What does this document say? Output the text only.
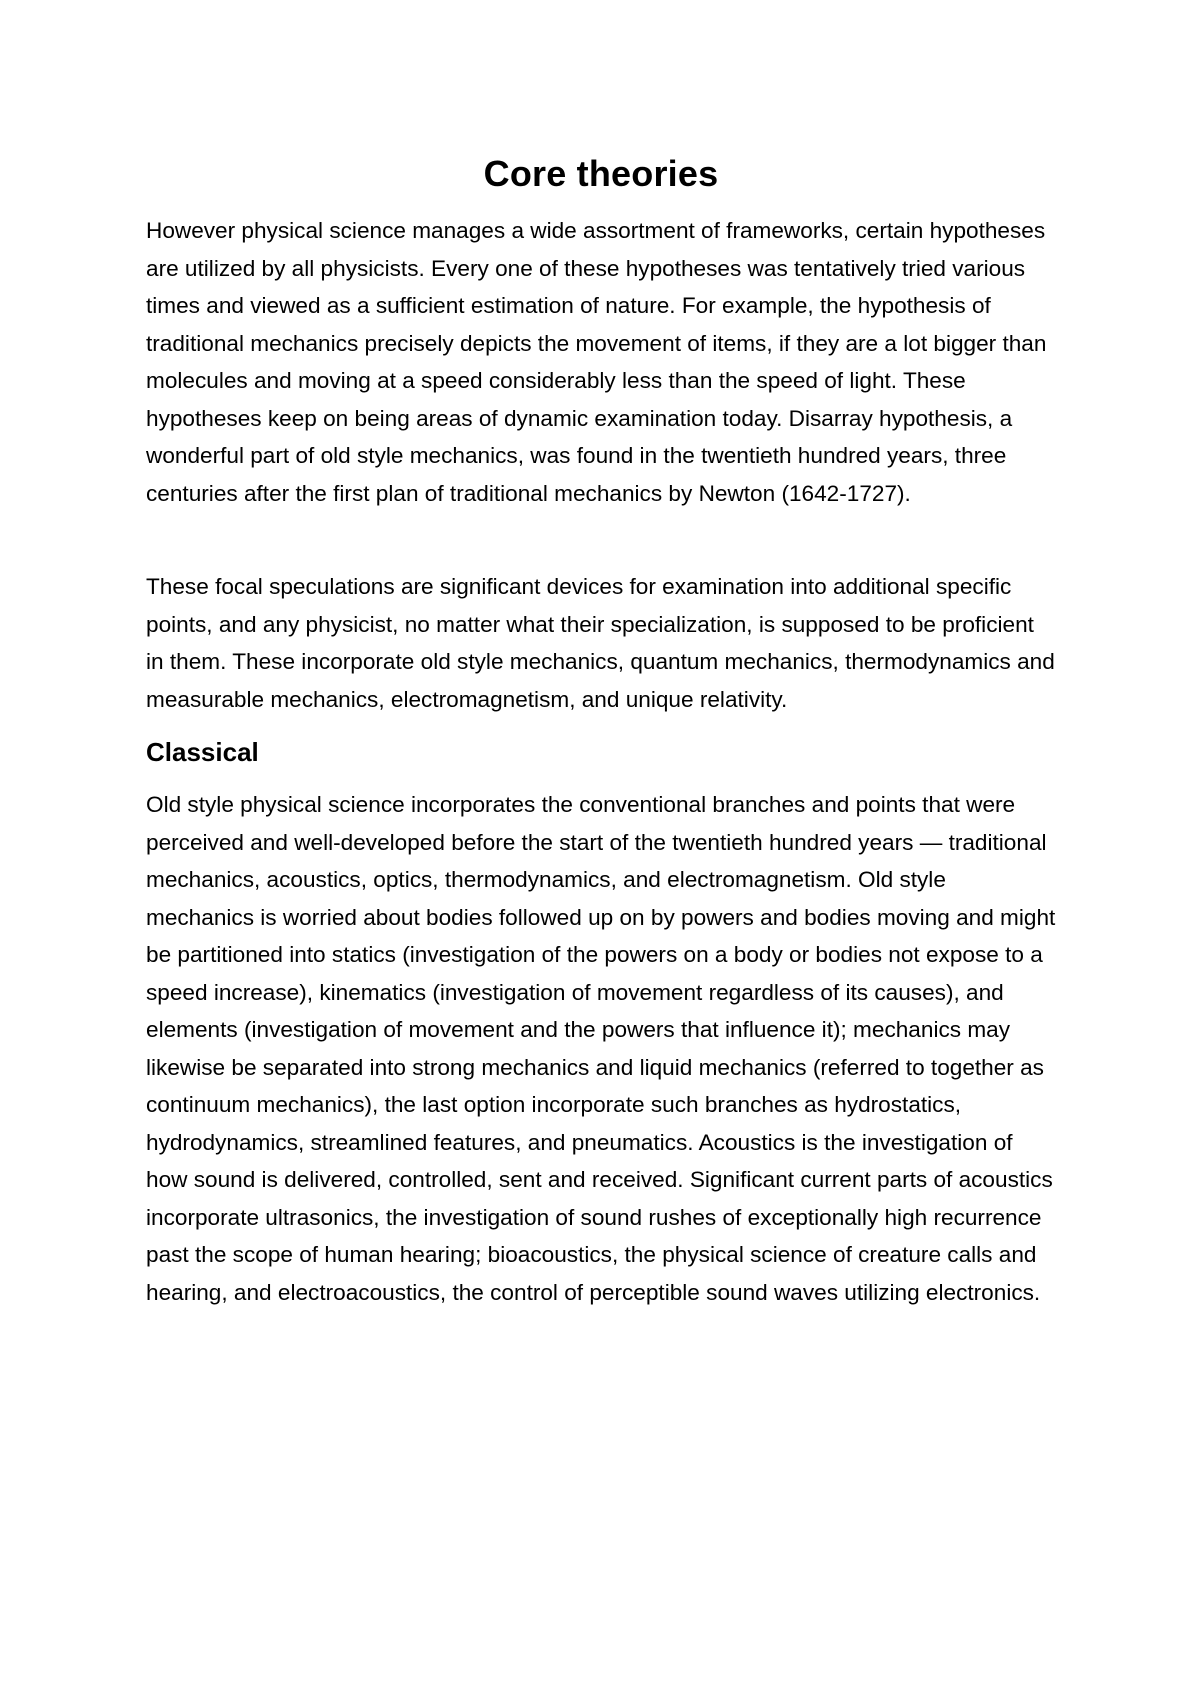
Core theories

However physical science manages a wide assortment of frameworks, certain hypotheses are utilized by all physicists. Every one of these hypotheses was tentatively tried various times and viewed as a sufficient estimation of nature. For example, the hypothesis of traditional mechanics precisely depicts the movement of items, if they are a lot bigger than molecules and moving at a speed considerably less than the speed of light. These hypotheses keep on being areas of dynamic examination today. Disarray hypothesis, a wonderful part of old style mechanics, was found in the twentieth hundred years, three centuries after the first plan of traditional mechanics by Newton (1642-1727).

These focal speculations are significant devices for examination into additional specific points, and any physicist, no matter what their specialization, is supposed to be proficient in them. These incorporate old style mechanics, quantum mechanics, thermodynamics and measurable mechanics, electromagnetism, and unique relativity.

Classical

Old style physical science incorporates the conventional branches and points that were perceived and well-developed before the start of the twentieth hundred years — traditional mechanics, acoustics, optics, thermodynamics, and electromagnetism. Old style mechanics is worried about bodies followed up on by powers and bodies moving and might be partitioned into statics (investigation of the powers on a body or bodies not expose to a speed increase), kinematics (investigation of movement regardless of its causes), and elements (investigation of movement and the powers that influence it); mechanics may likewise be separated into strong mechanics and liquid mechanics (referred to together as continuum mechanics), the last option incorporate such branches as hydrostatics, hydrodynamics, streamlined features, and pneumatics. Acoustics is the investigation of how sound is delivered, controlled, sent and received. Significant current parts of acoustics incorporate ultrasonics, the investigation of sound rushes of exceptionally high recurrence past the scope of human hearing; bioacoustics, the physical science of creature calls and hearing, and electroacoustics, the control of perceptible sound waves utilizing electronics.
